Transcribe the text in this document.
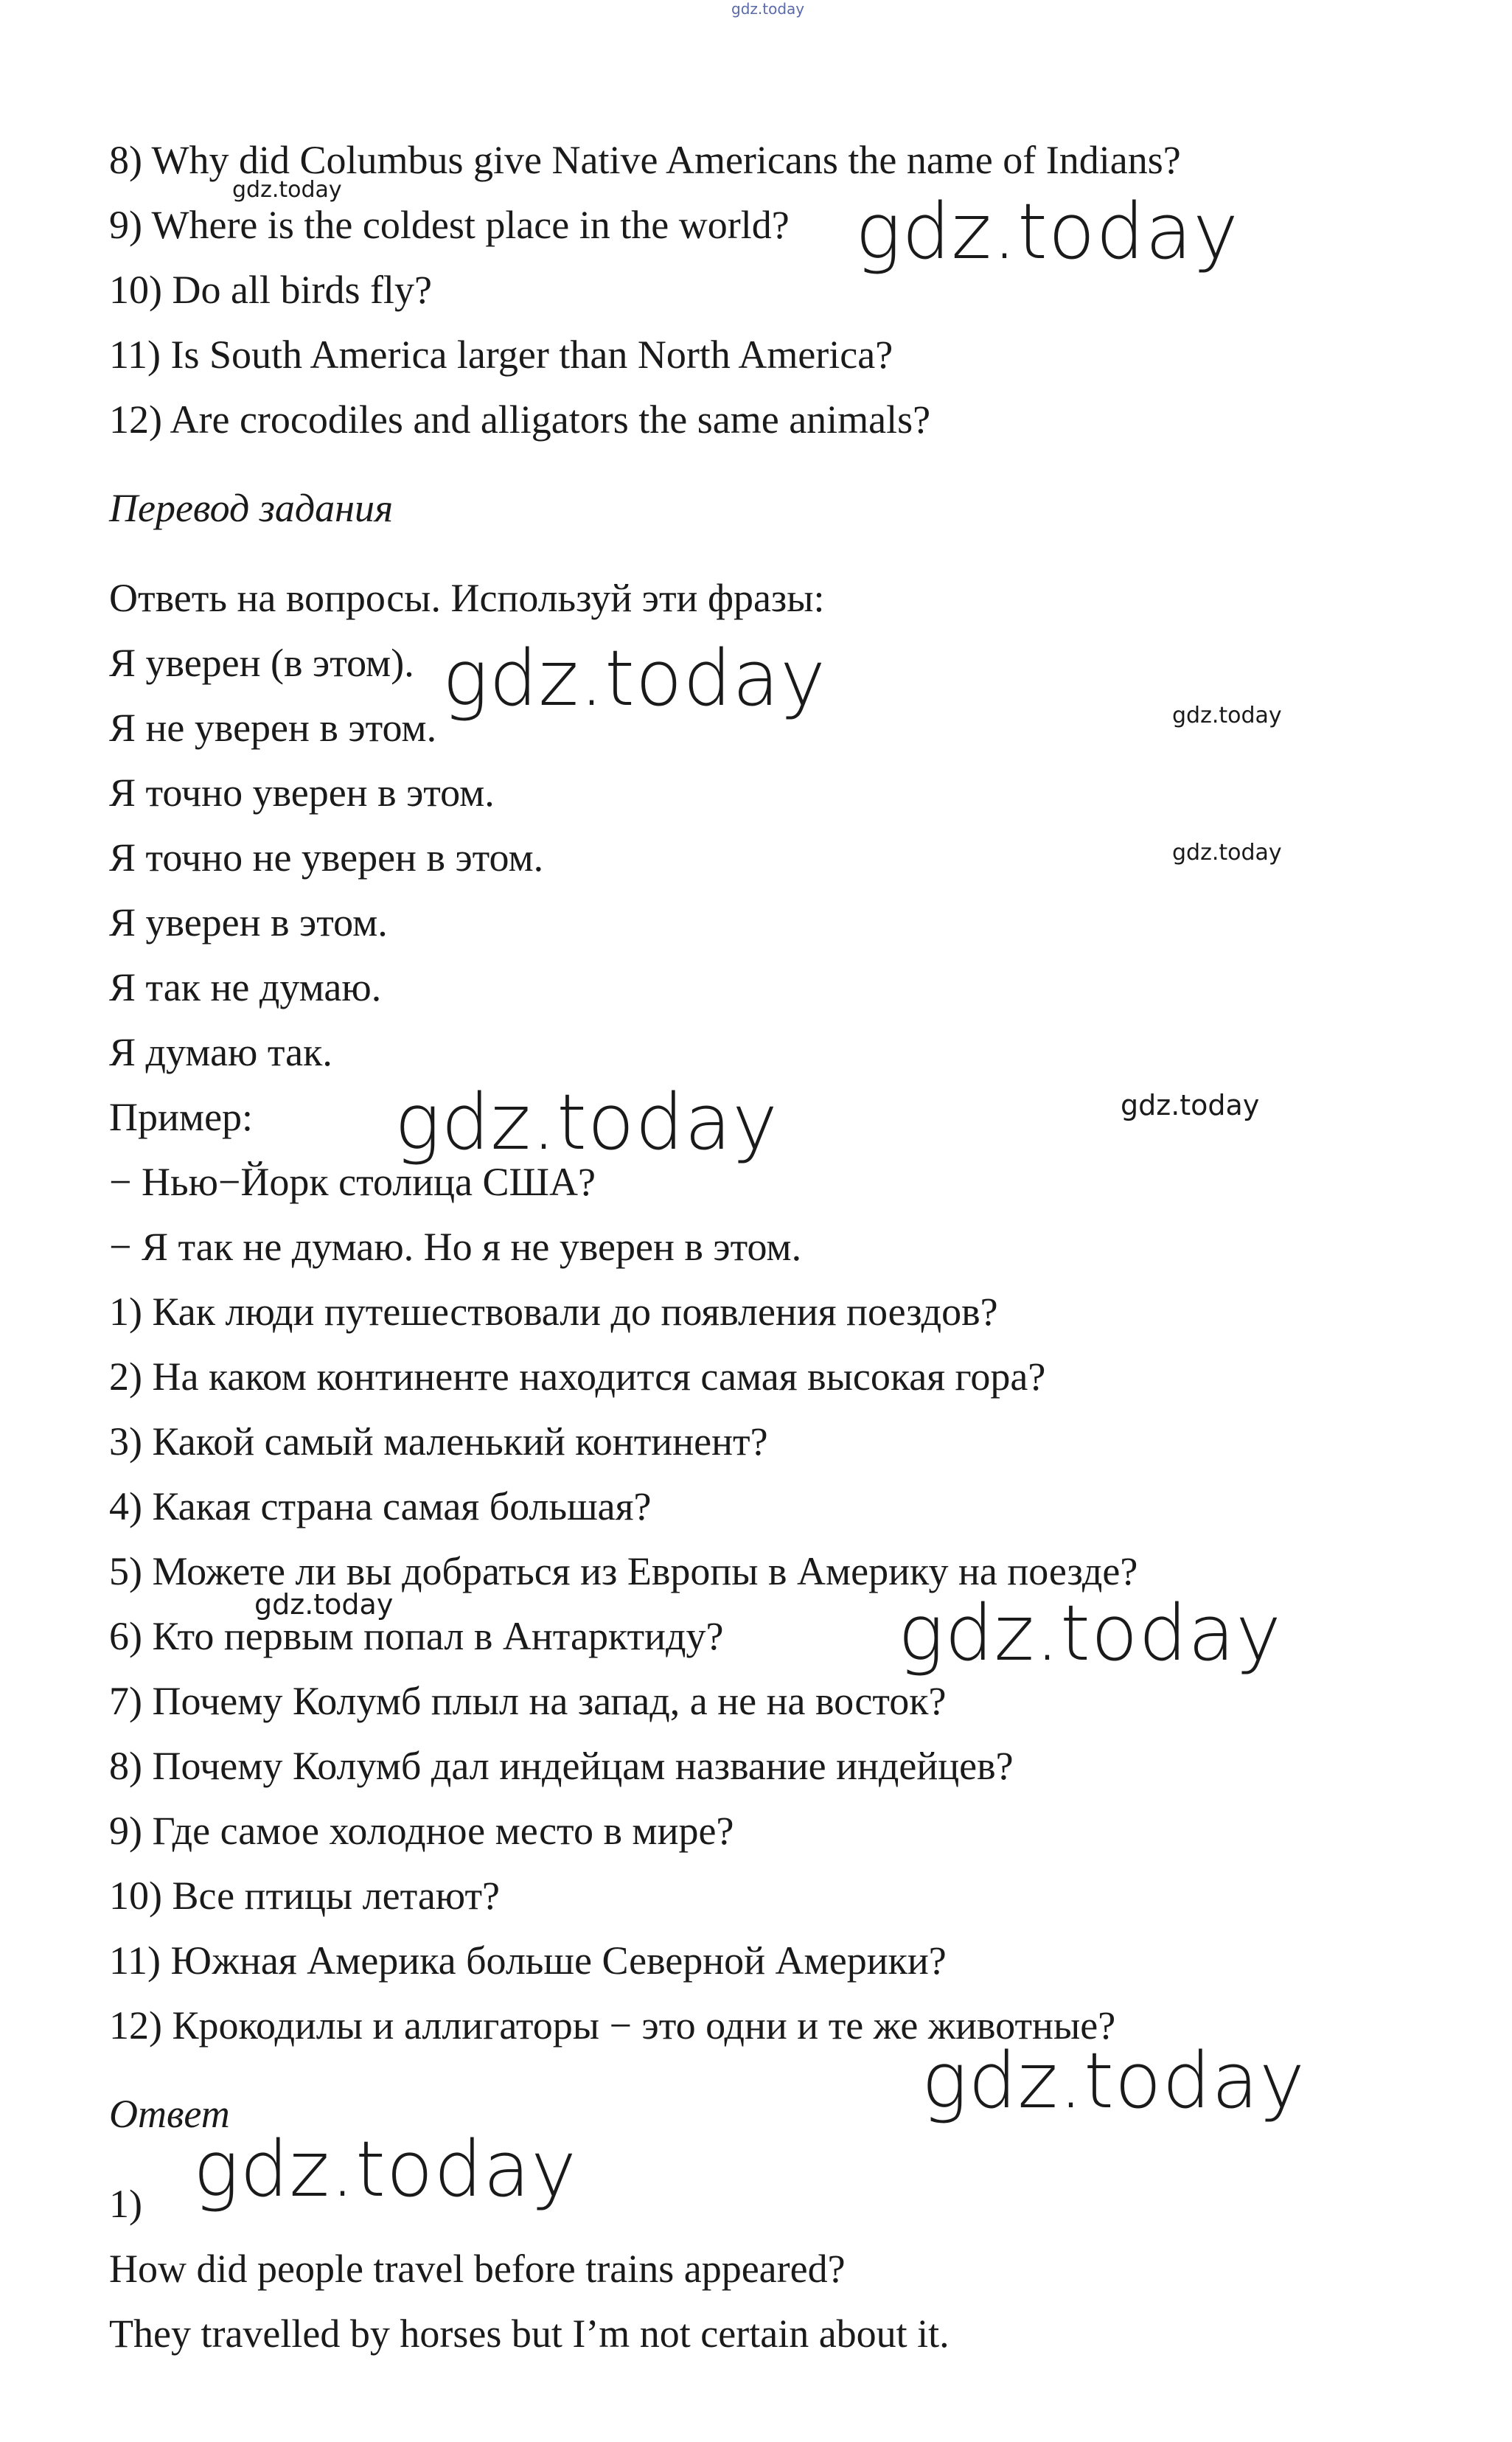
gdz.today
8) Why did Columbus give Native Americans the name of Indians?
9) Where is the coldest place in the world?
10) Do all birds fly?
11) Is South America larger than North America?
12) Are crocodiles and alligators the same animals?
Перевод задания
Ответь на вопросы. Используй эти фразы:
Я уверен (в этом).
Я не уверен в этом.
Я точно уверен в этом.
Я точно не уверен в этом.
Я уверен в этом.
Я так не думаю.
Я думаю так.
Пример:
− Нью−Йорк столица США?
− Я так не думаю. Но я не уверен в этом.
1) Как люди путешествовали до появления поездов?
2) На каком континенте находится самая высокая гора?
3) Какой самый маленький континент?
4) Какая страна самая большая?
5) Можете ли вы добраться из Европы в Америку на поезде?
6) Кто первым попал в Антарктиду?
7) Почему Колумб плыл на запад, а не на восток?
8) Почему Колумб дал индейцам название индейцев?
9) Где самое холодное место в мире?
10) Все птицы летают?
11) Южная Америка больше Северной Америки?
12) Крокодилы и аллигаторы − это одни и те же животные?
Ответ
1)
How did people travel before trains appeared?
They travelled by horses but I’m not certain about it.
gdz.today	gdz.today
gdz.today	gdz.today
gdz.today
gdz.today	gdz.today
gdz.today	gdz.today
gdz.today
gdz.today
